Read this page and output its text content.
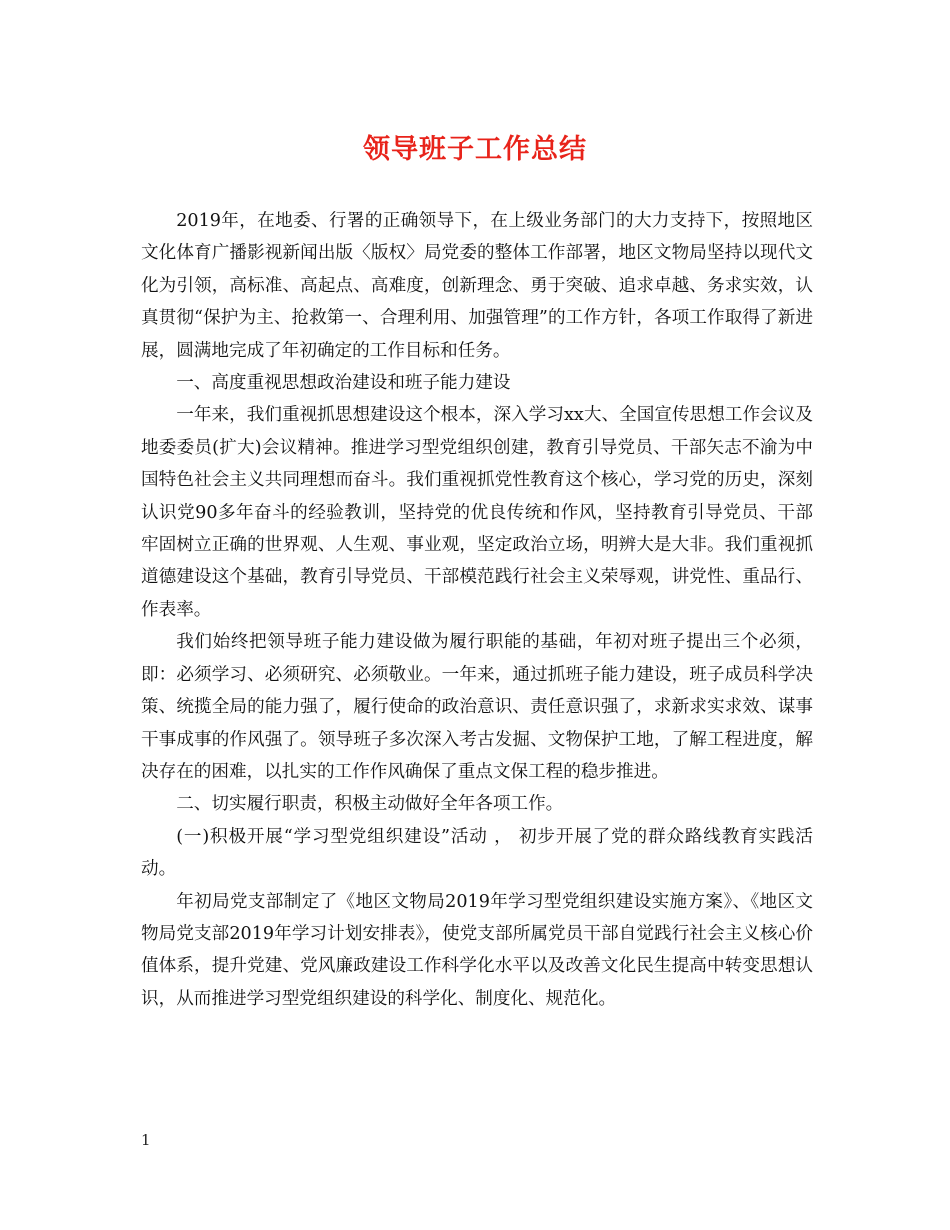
领导班子工作总结

2019年，在地委、行署的正确领导下，在上级业务部门的大力支持下，按照地区文化体育广播影视新闻出版〈版权〉局党委的整体工作部署，地区文物局坚持以现代文化为引领，高标准、高起点、高难度，创新理念、勇于突破、追求卓越、务求实效，认真贯彻“保护为主、抢救第一、合理利用、加强管理”的工作方针，各项工作取得了新进展，圆满地完成了年初确定的工作目标和任务。

一、高度重视思想政治建设和班子能力建设

一年来，我们重视抓思想建设这个根本，深入学习xx大、全国宣传思想工作会议及地委委员(扩大)会议精神。推进学习型党组织创建，教育引导党员、干部矢志不渝为中国特色社会主义共同理想而奋斗。我们重视抓党性教育这个核心，学习党的历史，深刻认识党90多年奋斗的经验教训，坚持党的优良传统和作风，坚持教育引导党员、干部牢固树立正确的世界观、人生观、事业观，坚定政治立场，明辨大是大非。我们重视抓道德建设这个基础，教育引导党员、干部模范践行社会主义荣辱观，讲党性、重品行、作表率。

我们始终把领导班子能力建设做为履行职能的基础，年初对班子提出三个必须，即：必须学习、必须研究、必须敬业。一年来，通过抓班子能力建设，班子成员科学决策、统揽全局的能力强了，履行使命的政治意识、责任意识强了，求新求实求效、谋事干事成事的作风强了。领导班子多次深入考古发掘、文物保护工地，了解工程进度，解决存在的困难，以扎实的工作作风确保了重点文保工程的稳步推进。

二、切实履行职责，积极主动做好全年各项工作。

(一)积极开展“学习型党组织建设”活动 ， 初步开展了党的群众路线教育实践活动。

年初局党支部制定了《地区文物局2019年学习型党组织建设实施方案》、《地区文物局党支部2019年学习计划安排表》，使党支部所属党员干部自觉践行社会主义核心价值体系，提升党建、党风廉政建设工作科学化水平以及改善文化民生提高中转变思想认识，从而推进学习型党组织建设的科学化、制度化、规范化。

1
